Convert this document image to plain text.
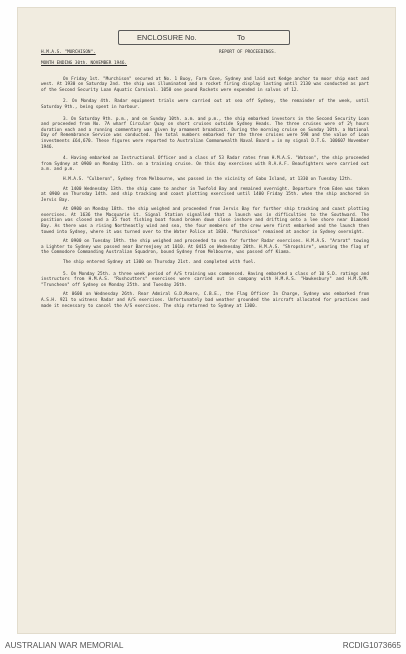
ENCLOSURE No.	To
H.M.A.S. "MURCHISON".	REPORT OF PROCEEDINGS.
MONTH ENDING 30th. NOVEMBER 1946.

On Friday 1st. "Murchison" secured at No. 1 Buoy, Farm Cove, Sydney and laid out Kedge anchor to moor ship east and west. At 1930 on Saturday 2nd. the ship was illuminated and a rocket firing display lasting until 2130 was conducted as part of the Second Security Loan Aquatic Carnival. 1050 one pound Rockets were expended in salvos of 12.

2. On Monday 4th. Radar equipment trials were carried out at sea off Sydney, the remainder of the week, until Saturday 9th., being spent in harbour.

3. On Saturday 9th. p.m., and on Sunday 10th. a.m. and p.m., the ship embarked investors in the Second Security Loan and proceeded from No. 7A wharf Circular Quay on short cruises outside Sydney Heads. The three cruises were of 2½ hours duration each and a running commentary was given by armament broadcast. During the morning cruise on Sunday 10th. a National Day of Remembrance Service was conducted. The total numbers embarked for the three cruises were 598 and the value of Loan investments £64,670. These figures were reported to Australian Commonwealth Naval Board = in my signal D.T.G. 100607 November 1946.

4. Having embarked an Instructional Officer and a class of 53 Radar rates from H.M.A.S. "Watson", the ship proceeded from Sydney at 0900 on Monday 11th. on a training cruise. On this day exercises with R.A.A.F. Beaufighters were carried out a.m. and p.m.

H.M.A.S. "Culberon", Sydney from Melbourne, was passed in the vicinity of Gabo Island, at 1330 on Tuesday 12th.

At 1400 Wednesday 13th. the ship came to anchor in Twofold Bay and remained overnight. Departure from Eden was taken at 0900 on Thursday 14th. and ship tracking and coast plotting exercised until 1400 Friday 15th. when the ship anchored in Jervis Bay.

At 0900 on Monday 18th. the ship weighed and proceeded from Jervis Bay for further ship tracking and coast plotting exercises. At 1636 the Macquarie Lt. Signal Station signalled that a launch was in difficulties to the Southward. The position was closed and a 35 foot fishing boat found broken down close inshore and drifting onto a lee shore near Diamond Bay. As there was a rising Northeastly wind and sea, the four members of the crew were first embarked and the launch then towed into Sydney, where it was turned over to the Water Police at 1830. "Murchison" remained at anchor in Sydney overnight.

At 0900 on Tuesday 19th. the ship weighed and proceeded to sea for further Radar exercises. H.M.A.S. "Ararat" towing a Lighter to Sydney was passed near Barrenjoey at 1010. At 0415 on Wednesday 20th. H.M.A.S. "Shropshire", wearing the flag of the Commodore Commanding Australian Squadron, bound Sydney from Melbourne, was passed off Kiama.

The ship entered Sydney at 1300 on Thursday 21st. and completed with fuel.

5. On Monday 25th. a three week period of A/S training was commenced. Having embarked a class of 10 S.D. ratings and instructors from H.M.A.S. "Rushcutters" exercises were carried out in company with H.M.A.S. "Hawkesbury" and H.M.S/M. "Truncheon" off Sydney on Monday 25th. and Tuesday 26th.

At 0600 on Wednesday 26th. Rear Admiral G.D.Moore, C.B.E., the Flag Officer In Charge, Sydney was embarked from A.S.H. 921 to witness Radar and A/S exercises. Unfortunately bad weather grounded the aircraft allocated for practices and made it necessary to cancel the A/S exercises. The ship returned to Sydney at 1300.

AUSTRALIAN WAR MEMORIAL	RCDIG1073665
